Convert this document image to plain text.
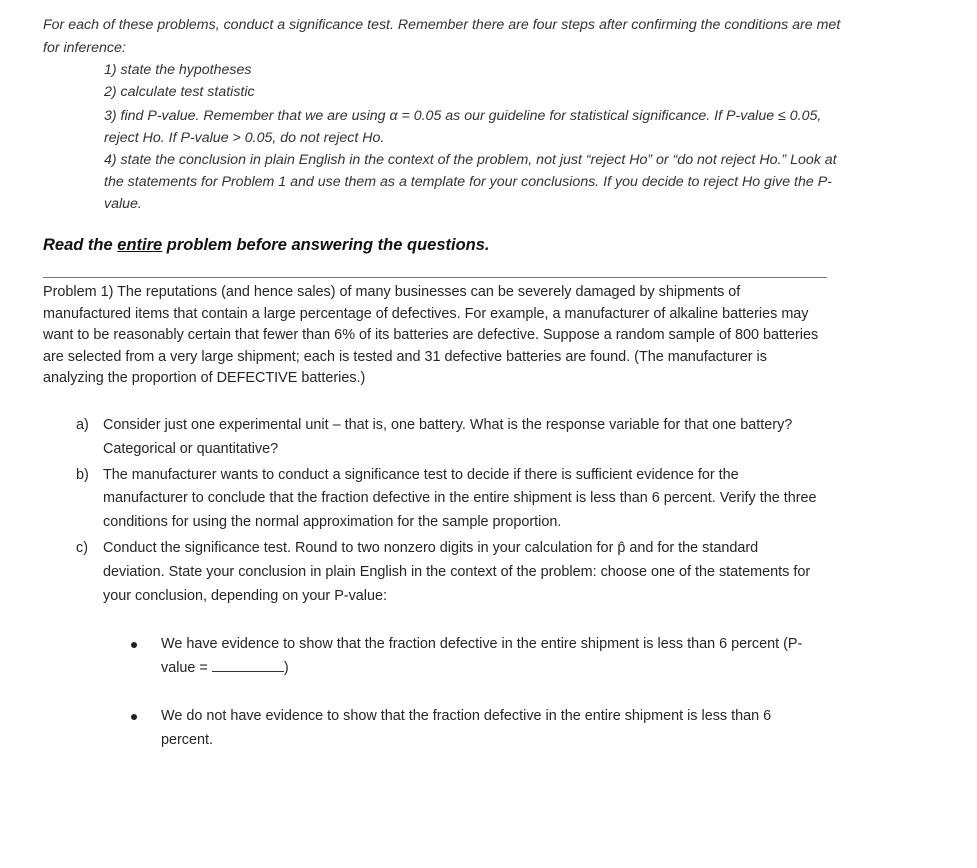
For each of these problems, conduct a significance test. Remember there are four steps after confirming the conditions are met for inference:
1) state the hypotheses
2) calculate test statistic
3) find P-value. Remember that we are using α = 0.05 as our guideline for statistical significance. If P-value ≤ 0.05, reject Ho. If P-value > 0.05, do not reject Ho.
4) state the conclusion in plain English in the context of the problem, not just “reject Ho” or “do not reject Ho.” Look at the statements for Problem 1 and use them as a template for your conclusions. If you decide to reject Ho give the P-value.
Read the entire problem before answering the questions.
Problem 1) The reputations (and hence sales) of many businesses can be severely damaged by shipments of manufactured items that contain a large percentage of defectives. For example, a manufacturer of alkaline batteries may want to be reasonably certain that fewer than 6% of its batteries are defective. Suppose a random sample of 800 batteries are selected from a very large shipment; each is tested and 31 defective batteries are found. (The manufacturer is analyzing the proportion of DEFECTIVE batteries.)
a) Consider just one experimental unit – that is, one battery. What is the response variable for that one battery? Categorical or quantitative?
b) The manufacturer wants to conduct a significance test to decide if there is sufficient evidence for the manufacturer to conclude that the fraction defective in the entire shipment is less than 6 percent. Verify the three conditions for using the normal approximation for the sample proportion.
c) Conduct the significance test. Round to two nonzero digits in your calculation for p̂ and for the standard deviation. State your conclusion in plain English in the context of the problem: choose one of the statements for your conclusion, depending on your P-value:
We have evidence to show that the fraction defective in the entire shipment is less than 6 percent (P-value =	)
We do not have evidence to show that the fraction defective in the entire shipment is less than 6 percent.
